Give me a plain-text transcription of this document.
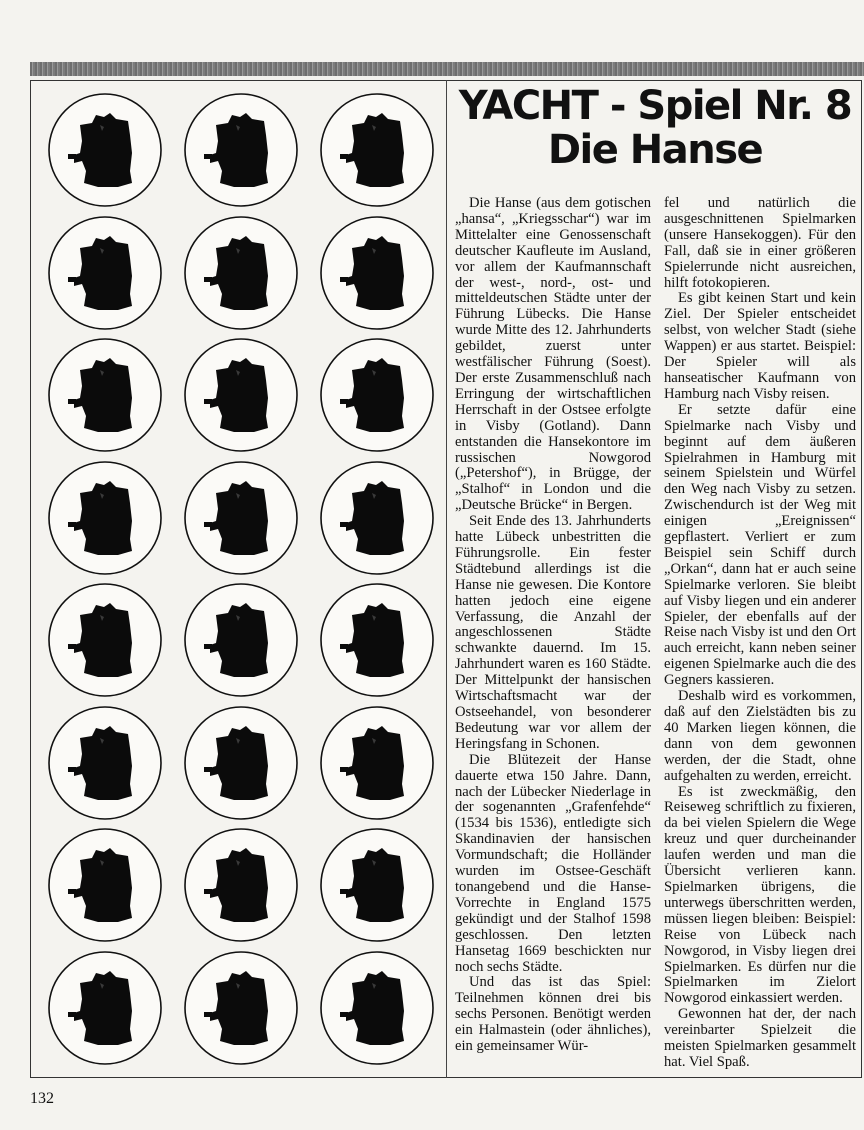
YACHT - Spiel Nr. 8
Die Hanse

Die Hanse (aus dem gotischen „hansa“, „Kriegsschar“) war im Mittelalter eine Genossenschaft deutscher Kaufleute im Ausland, vor allem der Kaufmannschaft der west-, nord-, ost- und mitteldeutschen Städte unter der Führung Lübecks. Die Hanse wurde Mitte des 12. Jahrhunderts gebildet, zuerst unter westfälischer Führung (Soest). Der erste Zusammenschluß nach Erringung der wirtschaftlichen Herrschaft in der Ostsee erfolgte in Visby (Gotland). Dann entstanden die Hansekontore im russischen Nowgorod („Petershof“), in Brügge, der „Stalhof“ in London und die „Deutsche Brücke“ in Bergen.

Seit Ende des 13. Jahrhunderts hatte Lübeck unbestritten die Führungsrolle. Ein fester Städtebund allerdings ist die Hanse nie gewesen. Die Kontore hatten jedoch eine eigene Verfassung, die Anzahl der angeschlossenen Städte schwankte dauernd. Im 15. Jahrhundert waren es 160 Städte. Der Mittelpunkt der hansischen Wirtschaftsmacht war der Ostseehandel, von besonderer Bedeutung war vor allem der Heringsfang in Schonen.

Die Blütezeit der Hanse dauerte etwa 150 Jahre. Dann, nach der Lübecker Niederlage in der sogenannten „Grafenfehde“ (1534 bis 1536), entledigte sich Skandinavien der hansischen Vormundschaft; die Holländer wurden im Ostsee-Geschäft tonangebend und die Hanse-Vorrechte in England 1575 gekündigt und der Stalhof 1598 geschlossen. Den letzten Hansetag 1669 beschickten nur noch sechs Städte.

Und das ist das Spiel: Teilnehmen können drei bis sechs Personen. Benötigt werden ein Halmastein (oder ähnliches), ein gemeinsamer Wür-

fel und natürlich die ausgeschnittenen Spielmarken (unsere Hansekoggen). Für den Fall, daß sie in einer größeren Spielerrunde nicht ausreichen, hilft fotokopieren.

Es gibt keinen Start und kein Ziel. Der Spieler entscheidet selbst, von welcher Stadt (siehe Wappen) er aus startet. Beispiel: Der Spieler will als hanseatischer Kaufmann von Hamburg nach Visby reisen.

Er setzte dafür eine Spielmarke nach Visby und beginnt auf dem äußeren Spielrahmen in Hamburg mit seinem Spielstein und Würfel den Weg nach Visby zu setzen. Zwischendurch ist der Weg mit einigen „Ereignissen“ gepflastert. Verliert er zum Beispiel sein Schiff durch „Orkan“, dann hat er auch seine Spielmarke verloren. Sie bleibt auf Visby liegen und ein anderer Spieler, der ebenfalls auf der Reise nach Visby ist und den Ort auch erreicht, kann neben seiner eigenen Spielmarke auch die des Gegners kassieren.

Deshalb wird es vorkommen, daß auf den Zielstädten bis zu 40 Marken liegen können, die dann von dem gewonnen werden, der die Stadt, ohne aufgehalten zu werden, erreicht.

Es ist zweckmäßig, den Reiseweg schriftlich zu fixieren, da bei vielen Spielern die Wege kreuz und quer durcheinander laufen werden und man die Übersicht verlieren kann. Spielmarken übrigens, die unterwegs überschritten werden, müssen liegen bleiben: Beispiel: Reise von Lübeck nach Nowgorod, in Visby liegen drei Spielmarken. Es dürfen nur die Spielmarken im Zielort Nowgorod einkassiert werden.

Gewonnen hat der, der nach vereinbarter Spielzeit die meisten Spielmarken gesammelt hat. Viel Spaß.

132
